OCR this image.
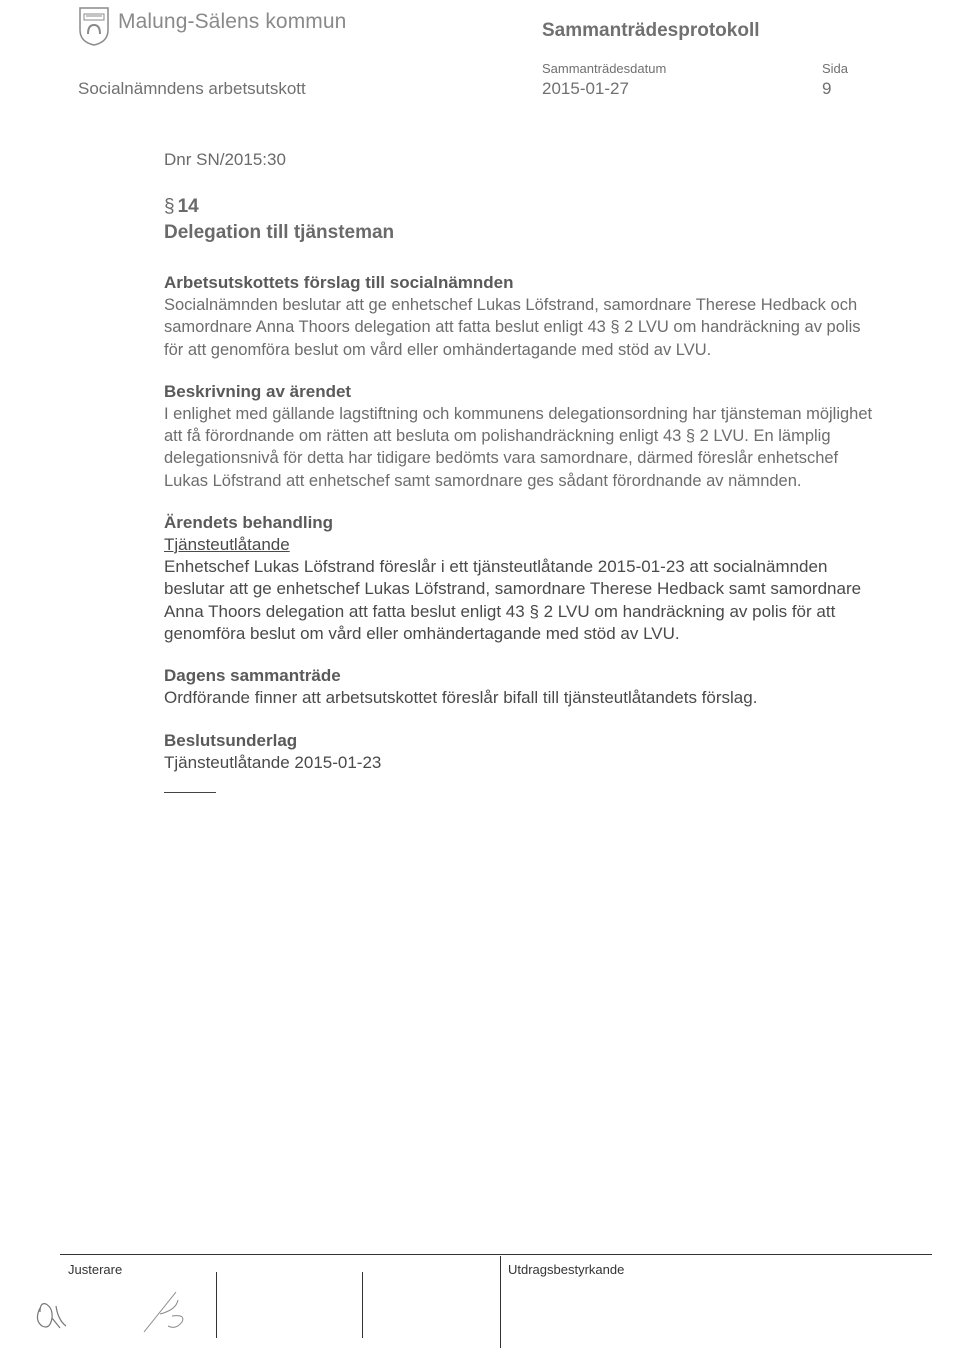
Malung-Sälens kommun	Sammanträdesprotokoll
Socialnämndens arbetsutskott
Sammanträdesdatum
2015-01-27
Sida
9

Dnr SN/2015:30

§ 14

Delegation till tjänsteman

Arbetsutskottets förslag till socialnämnden

Socialnämnden beslutar att ge enhetschef Lukas Löfstrand, samordnare Therese Hedback och samordnare Anna Thoors delegation att fatta beslut enligt 43 § 2 LVU om handräckning av polis för att genomföra beslut om vård eller omhändertagande med stöd av LVU.

Beskrivning av ärendet

I enlighet med gällande lagstiftning och kommunens delegationsordning har tjänsteman möjlighet att få förordnande om rätten att besluta om polishandräckning enligt 43 § 2 LVU. En lämplig delegationsnivå för detta har tidigare bedömts vara samordnare, därmed föreslår enhetschef Lukas Löfstrand att enhetschef samt samordnare ges sådant förordnande av nämnden.

Ärendets behandling
Tjänsteutlåtande

Enhetschef Lukas Löfstrand föreslår i ett tjänsteutlåtande 2015-01-23 att socialnämnden beslutar att ge enhetschef Lukas Löfstrand, samordnare Therese Hedback samt samordnare Anna Thoors delegation att fatta beslut enligt 43 § 2 LVU om handräckning av polis för att genomföra beslut om vård eller omhändertagande med stöd av LVU.

Dagens sammanträde

Ordförande finner att arbetsutskottet föreslår bifall till tjänsteutlåtandets förslag.

Beslutsunderlag

Tjänsteutlåtande 2015-01-23

Justerare	Utdragsbestyrkande
